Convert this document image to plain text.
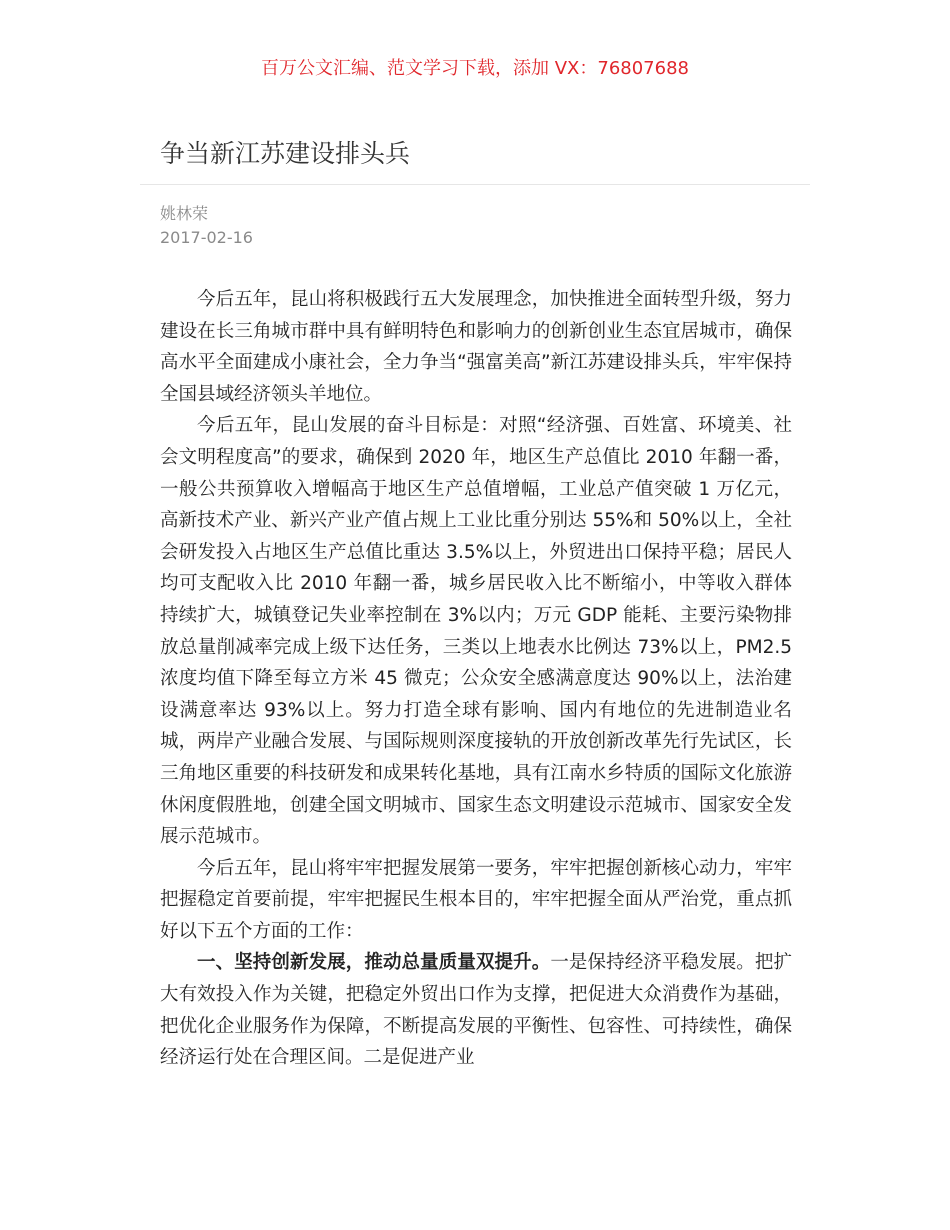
百万公文汇编、范文学习下载，添加 VX：76807688
争当新江苏建设排头兵
姚林荣
2017-02-16

今后五年，昆山将积极践行五大发展理念，加快推进全面转型升级，努力建设在长三角城市群中具有鲜明特色和影响力的创新创业生态宜居城市，确保高水平全面建成小康社会，全力争当“强富美高”新江苏建设排头兵，牢牢保持全国县域经济领头羊地位。

今后五年，昆山发展的奋斗目标是：对照“经济强、百姓富、环境美、社会文明程度高”的要求，确保到 2020 年，地区生产总值比 2010 年翻一番，一般公共预算收入增幅高于地区生产总值增幅，工业总产值突破 1 万亿元，高新技术产业、新兴产业产值占规上工业比重分别达 55%和 50%以上，全社会研发投入占地区生产总值比重达 3.5%以上，外贸进出口保持平稳；居民人均可支配收入比 2010 年翻一番，城乡居民收入比不断缩小，中等收入群体持续扩大，城镇登记失业率控制在 3%以内；万元 GDP 能耗、主要污染物排放总量削减率完成上级下达任务，三类以上地表水比例达 73%以上，PM2.5 浓度均值下降至每立方米 45 微克；公众安全感满意度达 90%以上，法治建设满意率达 93%以上。努力打造全球有影响、国内有地位的先进制造业名城，两岸产业融合发展、与国际规则深度接轨的开放创新改革先行先试区，长三角地区重要的科技研发和成果转化基地，具有江南水乡特质的国际文化旅游休闲度假胜地，创建全国文明城市、国家生态文明建设示范城市、国家安全发展示范城市。

今后五年，昆山将牢牢把握发展第一要务，牢牢把握创新核心动力，牢牢把握稳定首要前提，牢牢把握民生根本目的，牢牢把握全面从严治党，重点抓好以下五个方面的工作：

一、坚持创新发展，推动总量质量双提升。一是保持经济平稳发展。把扩大有效投入作为关键，把稳定外贸出口作为支撑，把促进大众消费作为基础，把优化企业服务作为保障，不断提高发展的平衡性、包容性、可持续性，确保经济运行处在合理区间。二是促进产业
